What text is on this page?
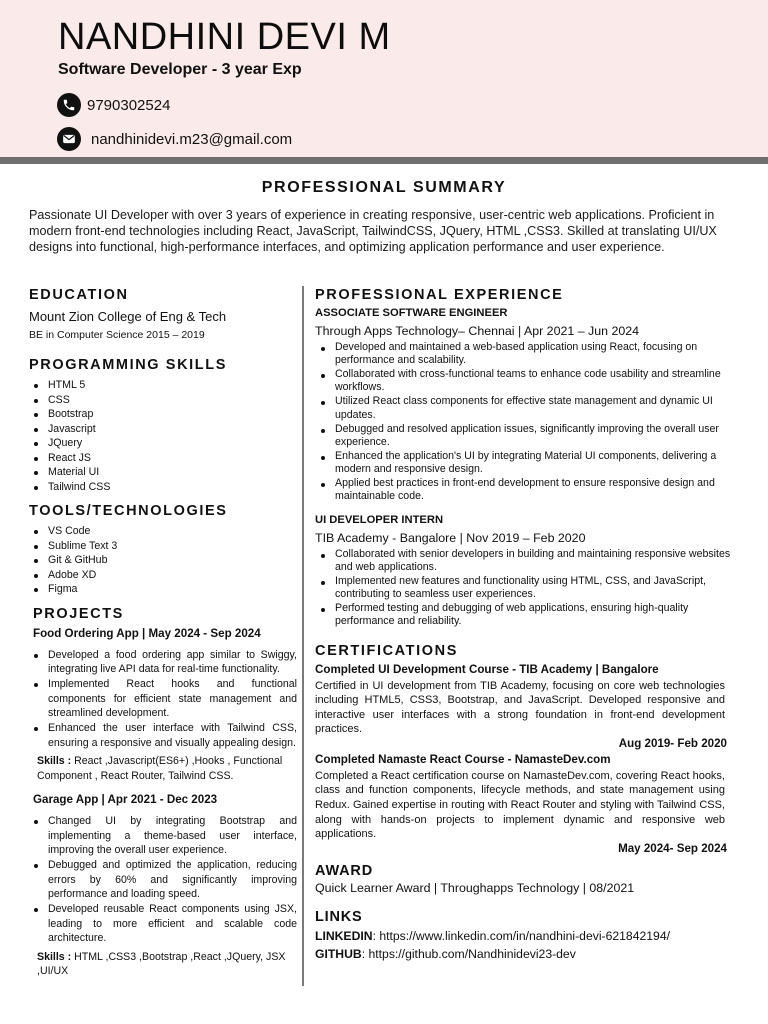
NANDHINI DEVI M
Software Developer - 3 year Exp
9790302524
nandhinidevi.m23@gmail.com
PROFESSIONAL SUMMARY
Passionate UI Developer with over 3 years of experience in creating responsive, user-centric web applications. Proficient in modern front-end technologies including React, JavaScript, TailwindCSS, JQuery, HTML ,CSS3. Skilled at translating UI/UX designs into functional, high-performance interfaces, and optimizing application performance and user experience.
EDUCATION
Mount Zion College of Eng & Tech
BE in Computer Science 2015 – 2019
PROGRAMMING SKILLS
HTML 5
CSS
Bootstrap
Javascript
JQuery
React JS
Material UI
Tailwind CSS
TOOLS/TECHNOLOGIES
VS Code
Sublime Text 3
Git & GitHub
Adobe XD
Figma
PROJECTS
Food Ordering App | May 2024 - Sep 2024
Developed a food ordering app similar to Swiggy, integrating live API data for real-time functionality.
Implemented React hooks and functional components for efficient state management and streamlined development.
Enhanced the user interface with Tailwind CSS, ensuring a responsive and visually appealing design.
Skills : React ,Javascript(ES6+) ,Hooks , Functional Component , React Router, Tailwind CSS.
Garage App | Apr 2021 - Dec 2023
Changed UI by integrating Bootstrap and implementing a theme-based user interface, improving the overall user experience.
Debugged and optimized the application, reducing errors by 60% and significantly improving performance and loading speed.
Developed reusable React components using JSX, leading to more efficient and scalable code architecture.
Skills : HTML ,CSS3 ,Bootstrap ,React ,JQuery, JSX ,UI/UX
PROFESSIONAL EXPERIENCE
ASSOCIATE SOFTWARE ENGINEER
Through Apps Technology– Chennai | Apr 2021 – Jun 2024
Developed and maintained a web-based application using React, focusing on performance and scalability.
Collaborated with cross-functional teams to enhance code usability and streamline workflows.
Utilized React class components for effective state management and dynamic UI updates.
Debugged and resolved application issues, significantly improving the overall user experience.
Enhanced the application's UI by integrating Material UI components, delivering a modern and responsive design.
Applied best practices in front-end development to ensure responsive design and maintainable code.
UI DEVELOPER INTERN
TIB Academy - Bangalore | Nov 2019 – Feb 2020
Collaborated with senior developers in building and maintaining responsive websites and web applications.
Implemented new features and functionality using HTML, CSS, and JavaScript, contributing to seamless user experiences.
Performed testing and debugging of web applications, ensuring high-quality performance and reliability.
CERTIFICATIONS
Completed UI Development Course - TIB Academy | Bangalore
Certified in UI development from TIB Academy, focusing on core web technologies including HTML5, CSS3, Bootstrap, and JavaScript. Developed responsive and interactive user interfaces with a strong foundation in front-end development practices.
Aug 2019- Feb 2020
Completed Namaste React Course - NamasteDev.com
Completed a React certification course on NamasteDev.com, covering React hooks, class and function components, lifecycle methods, and state management using Redux. Gained expertise in routing with React Router and styling with Tailwind CSS, along with hands-on projects to implement dynamic and responsive web applications.
May 2024- Sep 2024
AWARD
Quick Learner Award | Throughapps Technology | 08/2021
LINKS
LINKEDIN: https://www.linkedin.com/in/nandhini-devi-621842194/
GITHUB: https://github.com/Nandhinidevi23-dev
